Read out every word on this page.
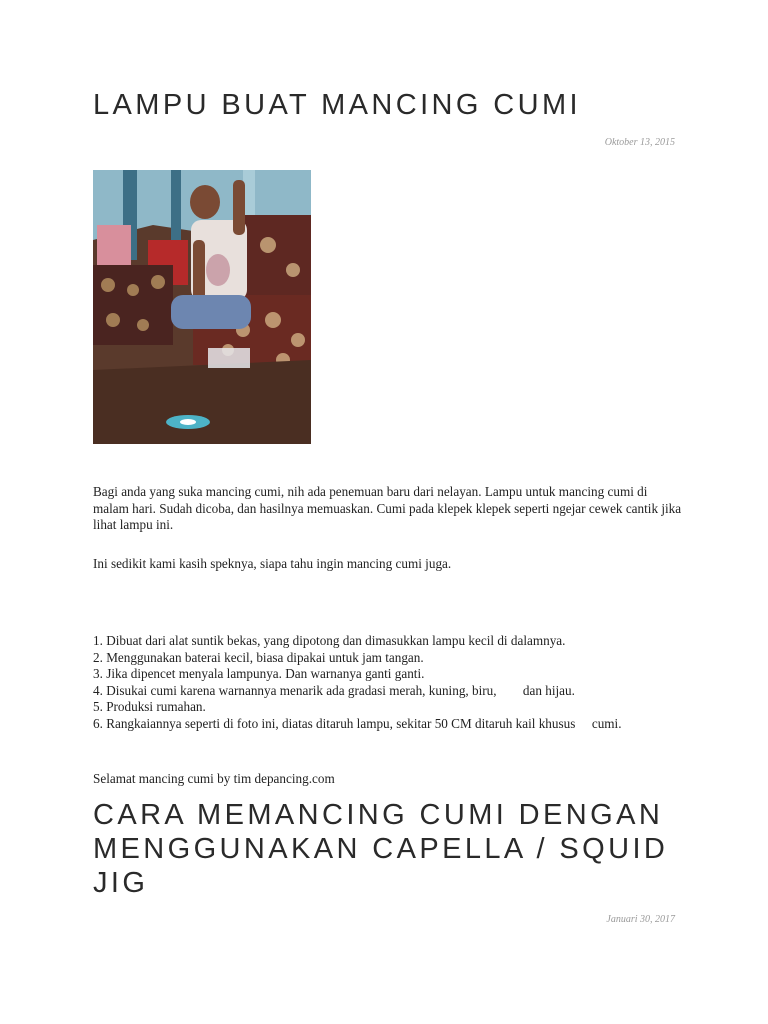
LAMPU BUAT MANCING CUMI
Oktober 13, 2015

Bagi anda yang suka mancing cumi, nih ada penemuan baru dari nelayan. Lampu untuk mancing cumi di malam hari. Sudah dicoba, dan hasilnya memuaskan. Cumi pada klepek klepek seperti ngejar cewek cantik jika lihat lampu ini.

Ini sedikit kami kasih speknya, siapa tahu ingin mancing cumi juga.

1. Dibuat dari alat suntik bekas, yang dipotong dan dimasukkan lampu kecil di dalamnya.
2. Menggunakan baterai kecil, biasa dipakai untuk jam tangan.
3. Jika dipencet menyala lampunya. Dan warnanya ganti ganti.
4. Disukai cumi karena warnannya menarik ada gradasi merah, kuning, biru,        dan hijau.
5. Produksi rumahan.
6. Rangkaiannya seperti di foto ini, diatas ditaruh lampu, sekitar 50 CM ditaruh kail khusus     cumi.

Selamat mancing cumi by tim depancing.com

CARA MEMANCING CUMI DENGAN MENGGUNAKAN CAPELLA / SQUID JIG
Januari 30, 2017
